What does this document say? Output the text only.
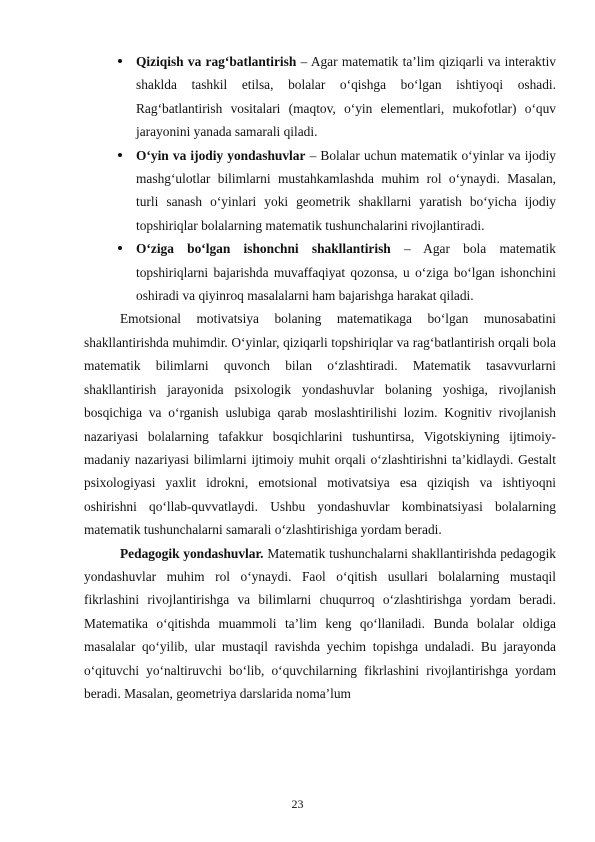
Qiziqish va rag‘batlantirish – Agar matematik ta’lim qiziqarli va interaktiv shaklda tashkil etilsa, bolalar o‘qishga bo‘lgan ishtiyoqi oshadi. Rag‘batlantirish vositalari (maqtov, o‘yin elementlari, mukofotlar) o‘quv jarayonini yanada samarali qiladi.
O‘yin va ijodiy yondashuvlar – Bolalar uchun matematik o‘yinlar va ijodiy mashg‘ulotlar bilimlarni mustahkamlashda muhim rol o‘ynaydi. Masalan, turli sanash o‘yinlari yoki geometrik shakllarni yaratish bo‘yicha ijodiy topshiriqlar bolalarning matematik tushunchalarini rivojlantiradi.
O‘ziga bo‘lgan ishonchni shakllantirish – Agar bola matematik topshiriqlarni bajarishda muvaffaqiyat qozonsa, u o‘ziga bo‘lgan ishonchini oshiradi va qiyinroq masalalarni ham bajarishga harakat qiladi.

Emotsional motivatsiya bolaning matematikaga bo‘lgan munosabatini shakllantirishda muhimdir. O‘yinlar, qiziqarli topshiriqlar va rag‘batlantirish orqali bola matematik bilimlarni quvonch bilan o‘zlashtiradi. Matematik tasavvurlarni shakllantirish jarayonida psixologik yondashuvlar bolaning yoshiga, rivojlanish bosqichiga va o‘rganish uslubiga qarab moslashtirilishi lozim. Kognitiv rivojlanish nazariyasi bolalarning tafakkur bosqichlarini tushuntirsa, Vigotskiyning ijtimoiy-madaniy nazariyasi bilimlarni ijtimoiy muhit orqali o‘zlashtirishni ta’kidlaydi. Gestalt psixologiyasi yaxlit idrokni, emotsional motivatsiya esa qiziqish va ishtiyoqni oshirishni qo‘llab-quvvatlaydi. Ushbu yondashuvlar kombinatsiyasi bolalarning matematik tushunchalarni samarali o‘zlashtirishiga yordam beradi.

Pedagogik yondashuvlar. Matematik tushunchalarni shakllantirishda pedagogik yondashuvlar muhim rol o‘ynaydi. Faol o‘qitish usullari bolalarning mustaqil fikrlashini rivojlantirishga va bilimlarni chuqurroq o‘zlashtirishga yordam beradi. Matematika o‘qitishda muammoli ta’lim keng qo‘llaniladi. Bunda bolalar oldiga masalalar qo‘yilib, ular mustaqil ravishda yechim topishga undaladi. Bu jarayonda o‘qituvchi yo‘naltiruvchi bo‘lib, o‘quvchilarning fikrlashini rivojlantirishga yordam beradi. Masalan, geometriya darslarida noma’lum

23
